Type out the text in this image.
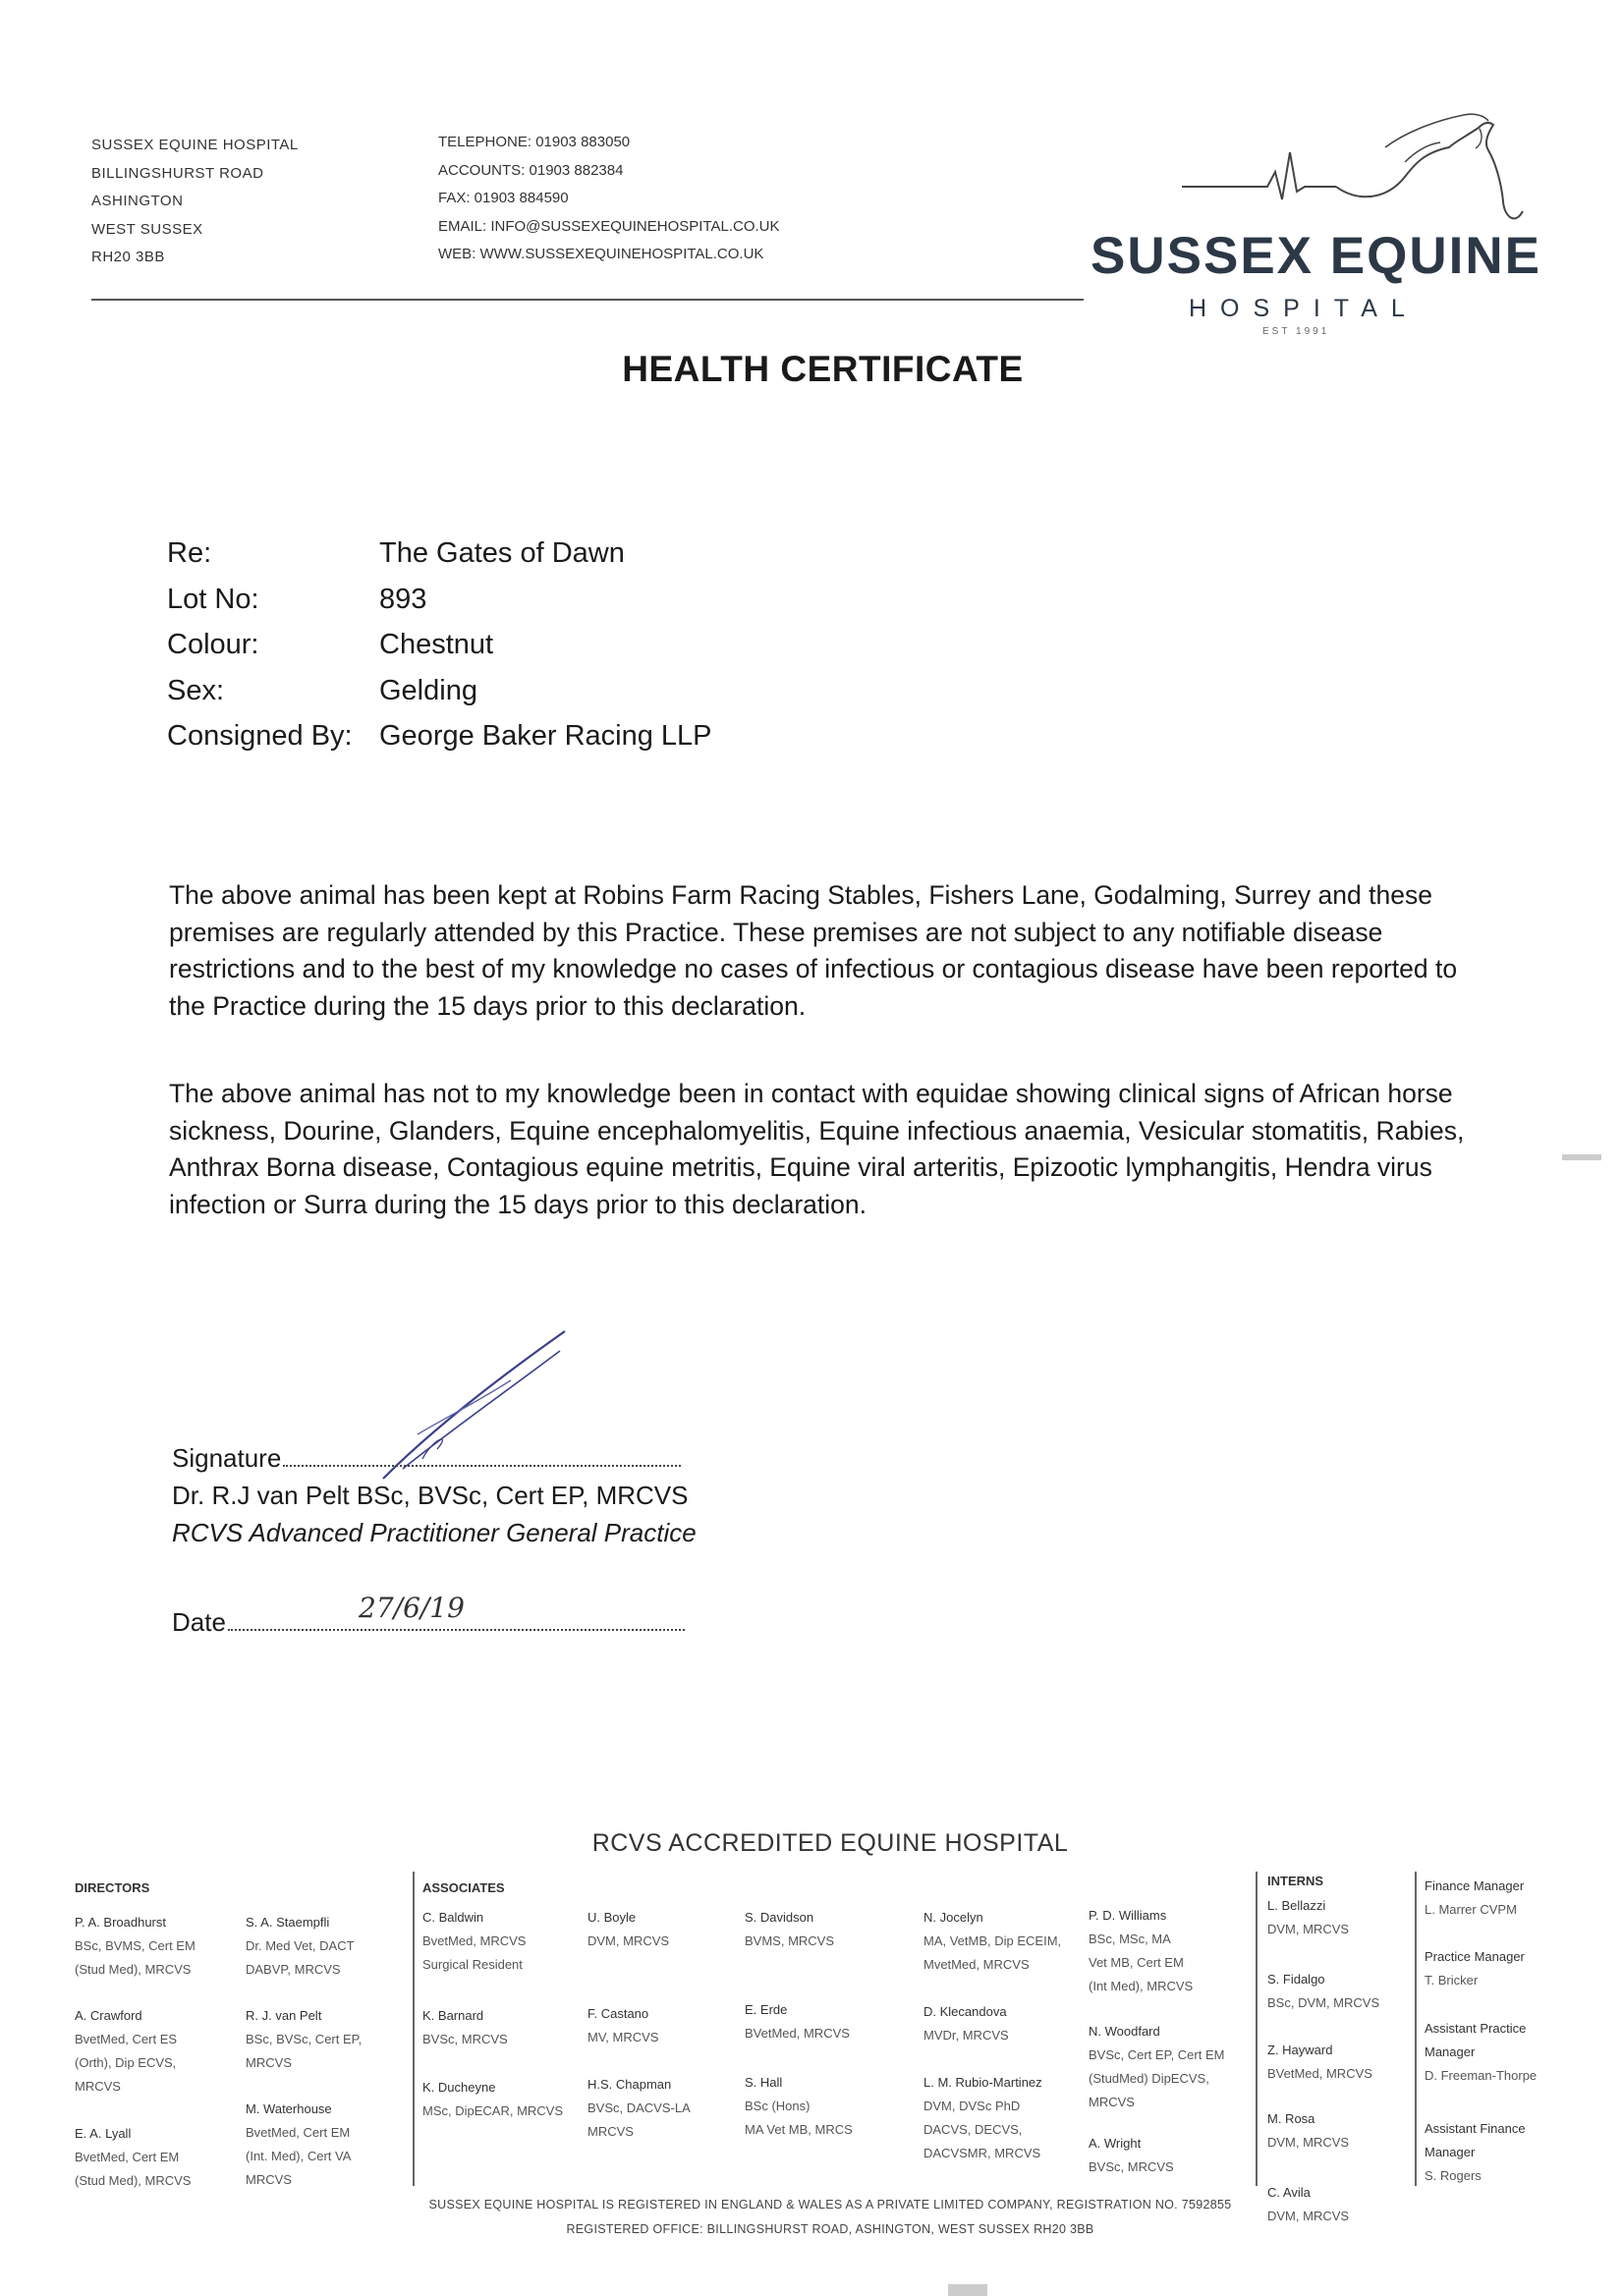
SUSSEX EQUINE HOSPITAL
BILLINGSHURST ROAD
ASHINGTON
WEST SUSSEX
RH20 3BB
TELEPHONE: 01903 883050
ACCOUNTS: 01903 882384
FAX: 01903 884590
EMAIL: INFO@SUSSEXEQUINEHOSPITAL.CO.UK
WEB: WWW.SUSSEXEQUINEHOSPITAL.CO.UK	SUSSEX EQUINE
HOSPITAL
EST 1991
HEALTH CERTIFICATE
Re:	The Gates of Dawn
Lot No:	893
Colour:	Chestnut
Sex:	Gelding
Consigned By: George Baker Racing LLP
The above animal has been kept at Robins Farm Racing Stables, Fishers Lane, Godalming, Surrey and these premises are regularly attended by this Practice. These premises are not subject to any notifiable disease restrictions and to the best of my knowledge no cases of infectious or contagious disease have been reported to the Practice during the 15 days prior to this declaration.
The above animal has not to my knowledge been in contact with equidae showing clinical signs of African horse sickness, Dourine, Glanders, Equine encephalomyelitis, Equine infectious anaemia, Vesicular stomatitis, Rabies, Anthrax Borna disease, Contagious equine metritis, Equine viral arteritis, Epizootic lymphangitis, Hendra virus infection or Surra during the 15 days prior to this declaration.
Signature
Dr. R.J van Pelt BSc, BVSc, Cert EP, MRCVS
RCVS Advanced Practitioner General Practice
27/6/19
Date
RCVS ACCREDITED EQUINE HOSPITAL
DIRECTORS
P. A. Broadhurst
BSc, BVMS, Cert EM
(Stud Med), MRCVS
A. Crawford
BvetMed, Cert ES
(Orth), Dip ECVS,
MRCVS
E. A. Lyall
BvetMed, Cert EM
(Stud Med), MRCVS
S. A. Staempfli
Dr. Med Vet, DACT
DABVP, MRCVS
R. J. van Pelt
BSc, BVSc, Cert EP,
MRCVS
M. Waterhouse
BvetMed, Cert EM
(Int. Med), Cert VA
MRCVS
ASSOCIATES
C. Baldwin
BvetMed, MRCVS
Surgical Resident
K. Barnard
BVSc, MRCVS
K. Ducheyne
MSc, DipECAR, MRCVS
U. Boyle
DVM, MRCVS
F. Castano
MV, MRCVS
H.S. Chapman
BVSc, DACVS-LA
MRCVS
S. Davidson
BVMS, MRCVS
E. Erde
BVetMed, MRCVS
S. Hall
BSc (Hons)
MA Vet MB, MRCS
N. Jocelyn
MA, VetMB, Dip ECEIM,
MvetMed, MRCVS
D. Klecandova
MVDr, MRCVS
L. M. Rubio-Martinez
DVM, DVSc PhD
DACVS, DECVS,
DACVSMR, MRCVS
P. D. Williams
BSc, MSc, MA
Vet MB, Cert EM
(Int Med), MRCVS
N. Woodfard
BVSc, Cert EP, Cert EM
(StudMed) DipECVS,
MRCVS
A. Wright
BVSc, MRCVS
INTERNS
L. Bellazzi
DVM, MRCVS
S. Fidalgo
BSc, DVM, MRCVS
Z. Hayward
BVetMed, MRCVS
M. Rosa
DVM, MRCVS
C. Avila
DVM, MRCVS
Finance Manager
L. Marrer CVPM
Practice Manager
T. Bricker
Assistant Practice Manager
D. Freeman-Thorpe
Assistant Finance Manager
S. Rogers
SUSSEX EQUINE HOSPITAL IS REGISTERED IN ENGLAND & WALES AS A PRIVATE LIMITED COMPANY, REGISTRATION NO. 7592855
REGISTERED OFFICE: BILLINGSHURST ROAD, ASHINGTON, WEST SUSSEX RH20 3BB
